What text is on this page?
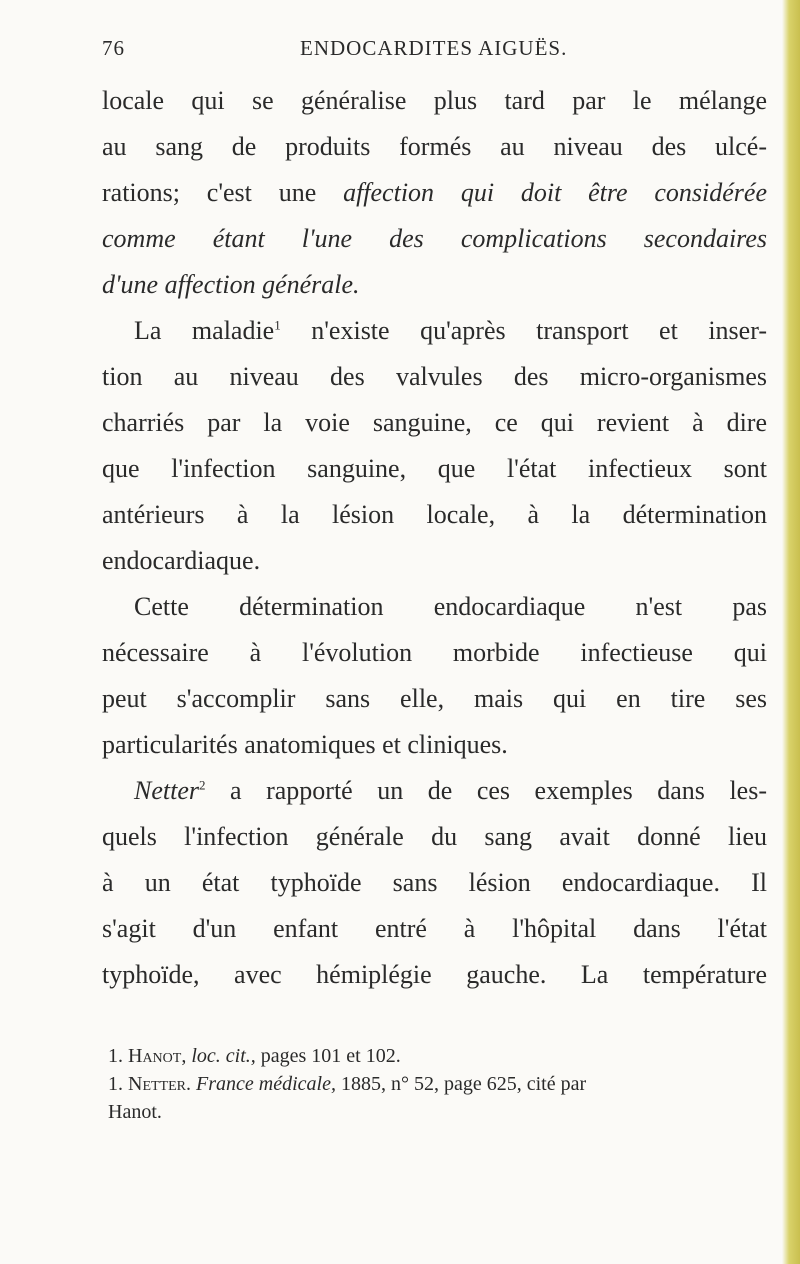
76	ENDOCARDITES AIGUËS.
locale qui se généralise plus tard par le mélange
au sang de produits formés au niveau des ulcé-
rations; c'est une affection qui doit être considérée
comme étant l'une des complications secondaires
d'une affection générale.
La maladie$^1$ n'existe qu'après transport et inser-
tion au niveau des valvules des micro-organismes
charriés par la voie sanguine, ce qui revient à dire
que l'infection sanguine, que l'état infectieux sont
antérieurs à la lésion locale, à la détermination
endocardiaque.
Cette détermination endocardiaque n'est pas
nécessaire à l'évolution morbide infectieuse qui
peut s'accomplir sans elle, mais qui en tire ses
particularités anatomiques et cliniques.
Netter$^2$ a rapporté un de ces exemples dans les-
quels l'infection générale du sang avait donné lieu
à un état typhoïde sans lésion endocardiaque. Il
s'agit d'un enfant entré à l'hôpital dans l'état
typhoïde, avec hémiplégie gauche. La température
1. Hanot, loc. cit., pages 101 et 102.
1. Netter. France médicale, 1885, n° 52, page 625, cité par
Hanot.
